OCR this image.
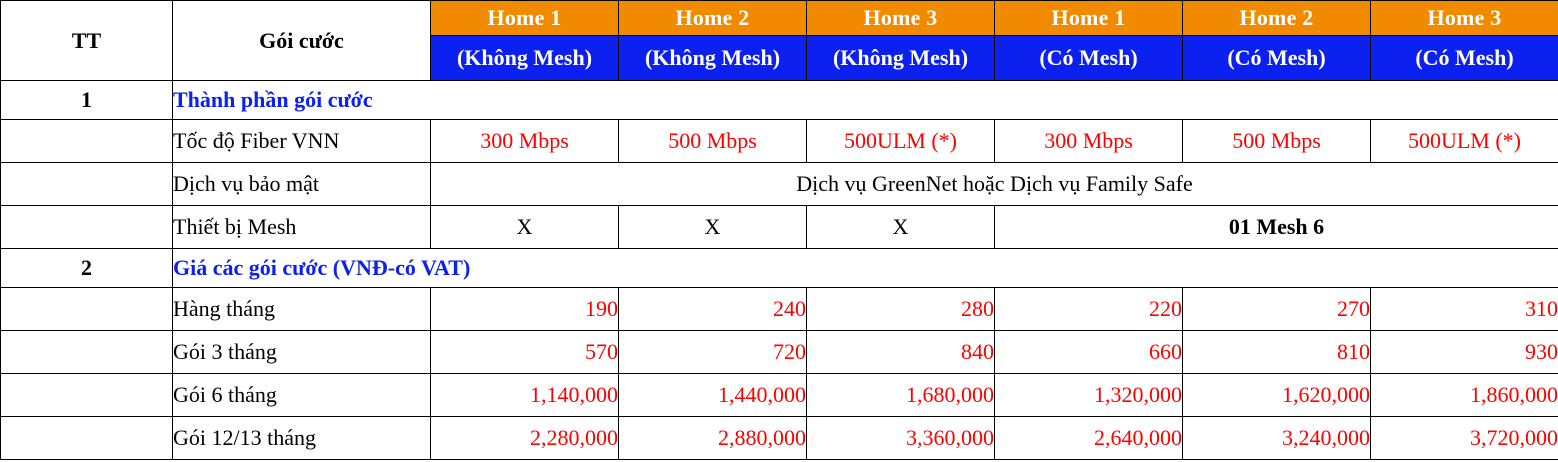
TT	Gói cước	Home 1	Home 2	Home 3	Home 1	Home 2	Home 3
		(Không Mesh)	(Không Mesh)	(Không Mesh)	(Có Mesh)	(Có Mesh)	(Có Mesh)
1	Thành phần gói cước						
	Tốc độ Fiber VNN	300 Mbps	500 Mbps	500ULM (*)	300 Mbps	500 Mbps	500ULM (*)
	Dịch vụ bảo mật	Dịch vụ GreenNet hoặc Dịch vụ Family Safe					
	Thiết bị Mesh	X	X	X	01 Mesh 6		
2	Giá các gói cước (VNĐ-có VAT)						
	Hàng tháng	190	240	280	220	270	310
	Gói 3 tháng	570	720	840	660	810	930
	Gói 6 tháng	1,140,000	1,440,000	1,680,000	1,320,000	1,620,000	1,860,000
	Gói 12/13 tháng	2,280,000	2,880,000	3,360,000	2,640,000	3,240,000	3,720,000
